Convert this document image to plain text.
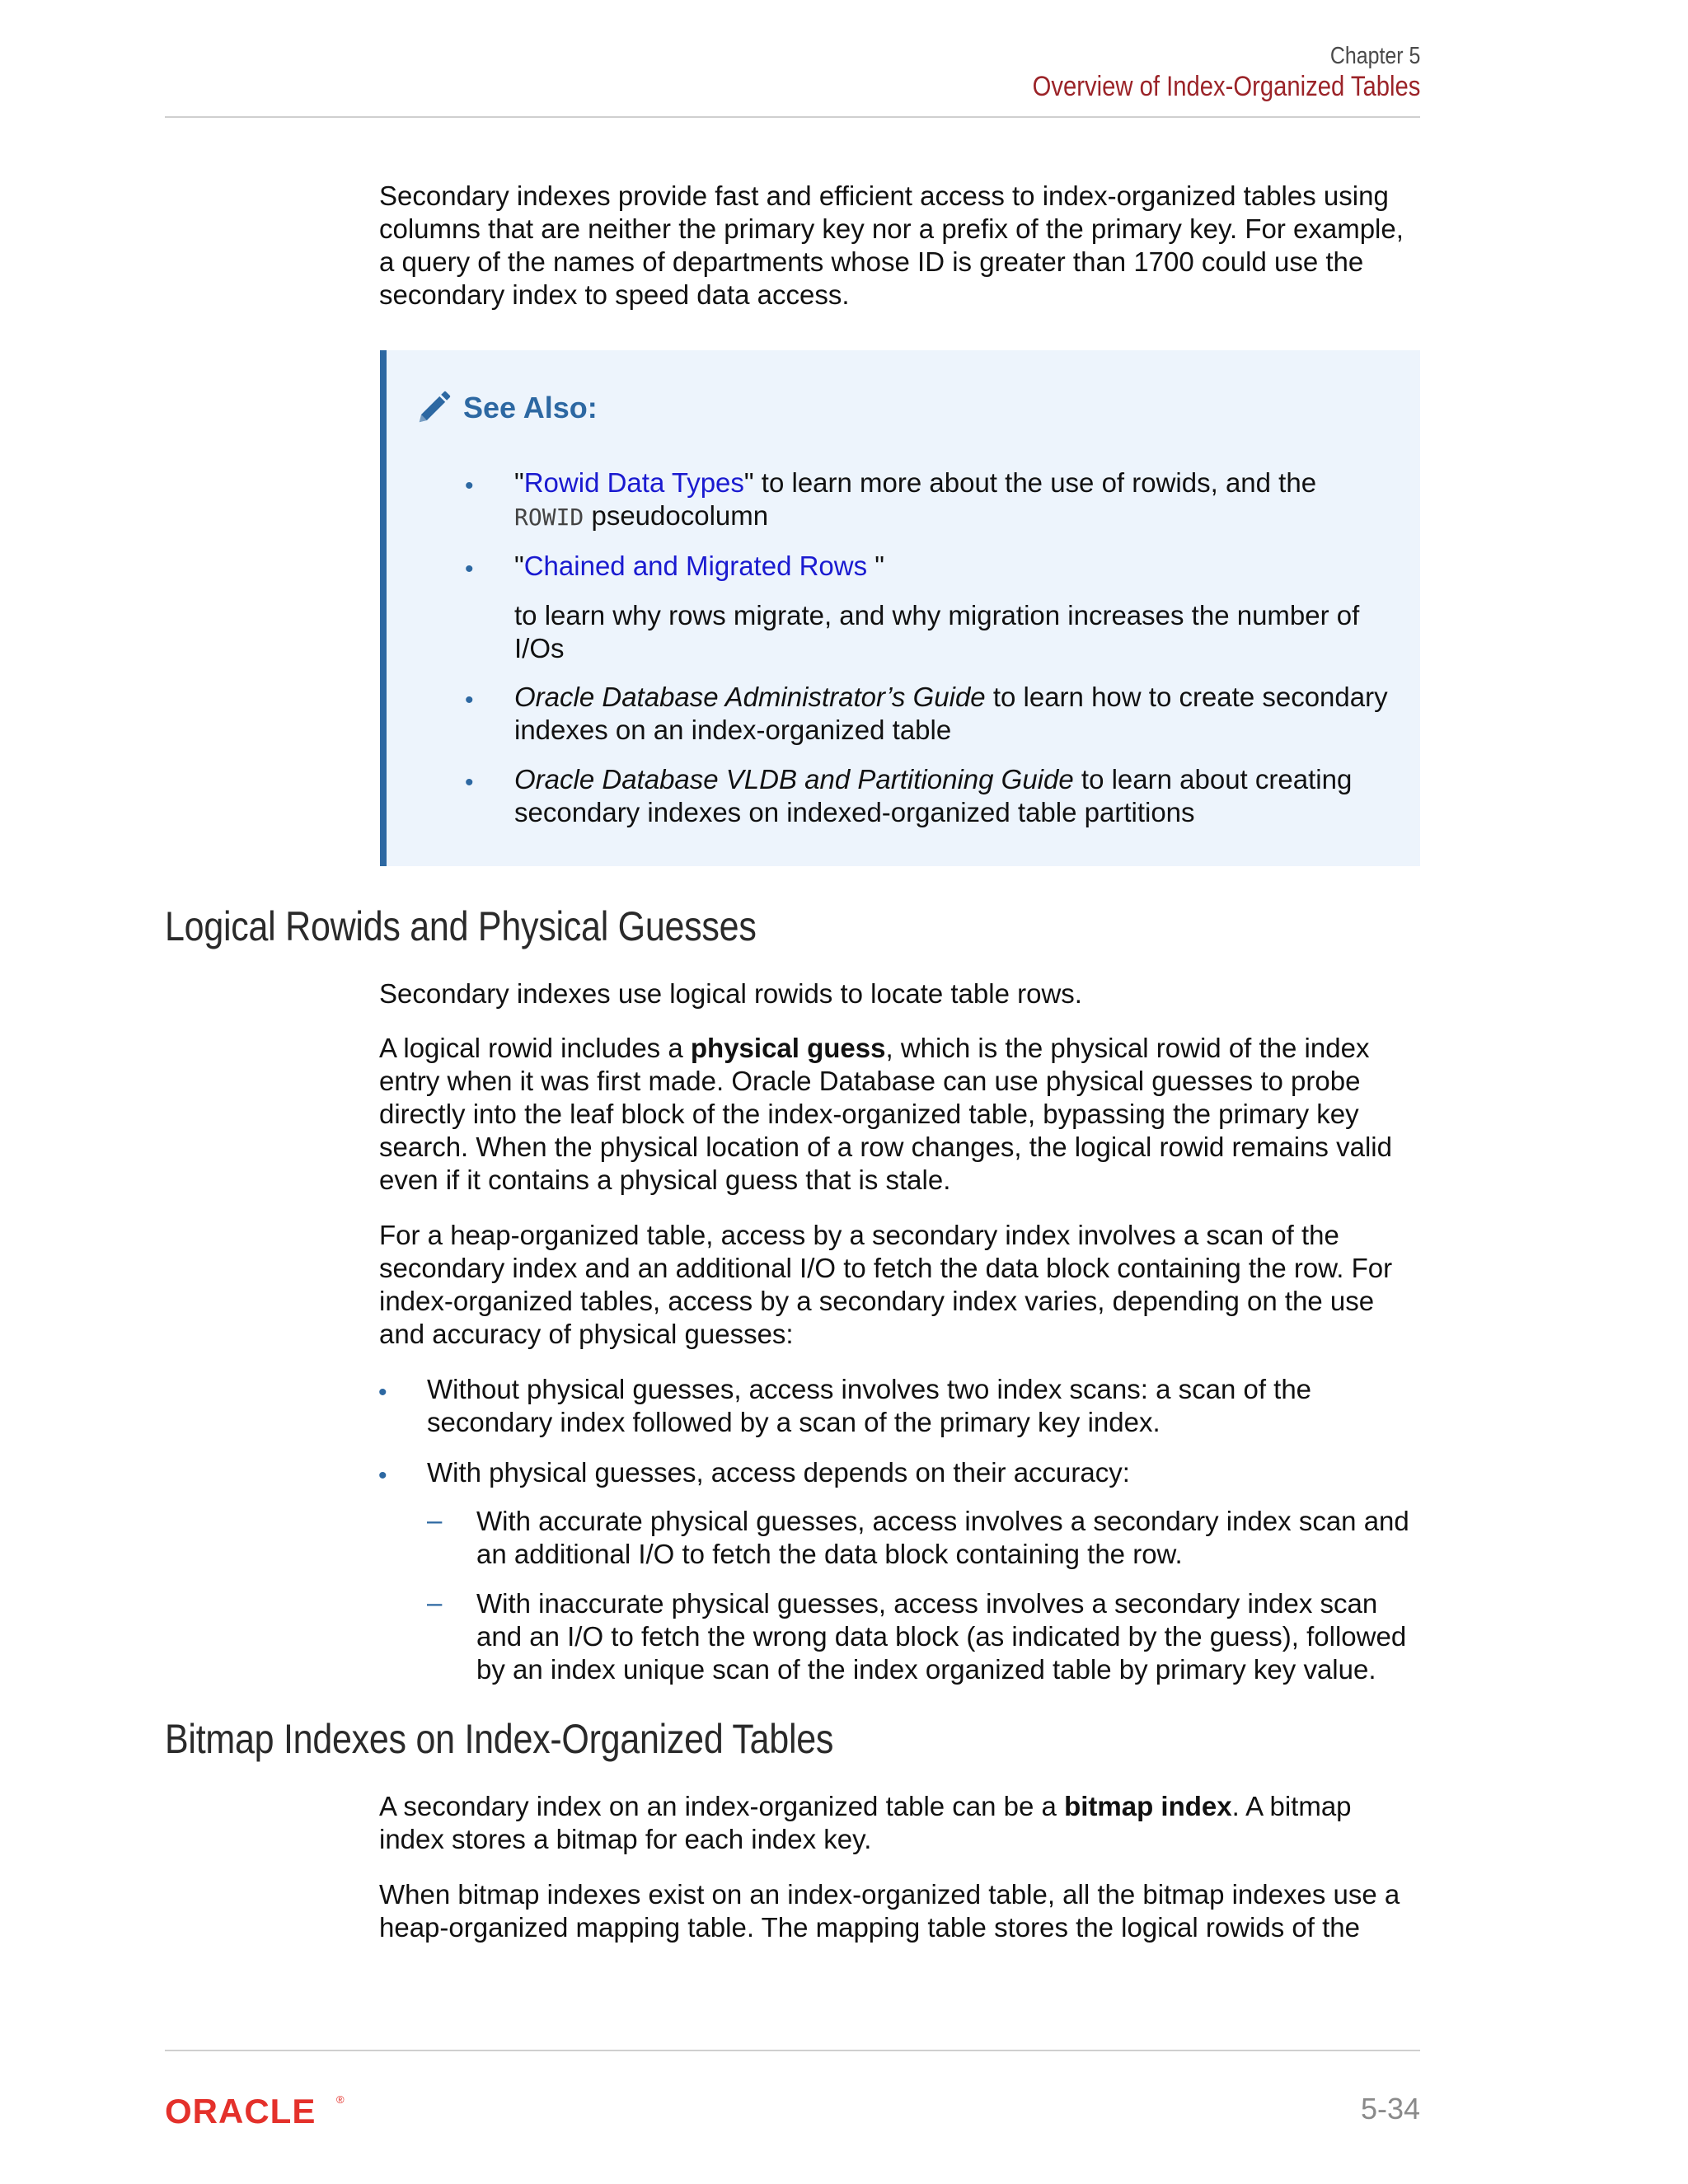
Chapter 5
Overview of Index-Organized Tables
Secondary indexes provide fast and efficient access to index-organized tables using
columns that are neither the primary key nor a prefix of the primary key. For example,
a query of the names of departments whose ID is greater than 1700 could use the
secondary index to speed data access.
See Also:
• "Rowid Data Types" to learn more about the use of rowids, and the
ROWID pseudocolumn
• "Chained and Migrated Rows "
to learn why rows migrate, and why migration increases the number of
I/Os
• Oracle Database Administrator’s Guide to learn how to create secondary
indexes on an index-organized table
• Oracle Database VLDB and Partitioning Guide to learn about creating
secondary indexes on indexed-organized table partitions
Logical Rowids and Physical Guesses
Secondary indexes use logical rowids to locate table rows.
A logical rowid includes a physical guess, which is the physical rowid of the index
entry when it was first made. Oracle Database can use physical guesses to probe
directly into the leaf block of the index-organized table, bypassing the primary key
search. When the physical location of a row changes, the logical rowid remains valid
even if it contains a physical guess that is stale.
For a heap-organized table, access by a secondary index involves a scan of the
secondary index and an additional I/O to fetch the data block containing the row. For
index-organized tables, access by a secondary index varies, depending on the use
and accuracy of physical guesses:
• Without physical guesses, access involves two index scans: a scan of the
secondary index followed by a scan of the primary key index.
• With physical guesses, access depends on their accuracy:
– With accurate physical guesses, access involves a secondary index scan and
an additional I/O to fetch the data block containing the row.
– With inaccurate physical guesses, access involves a secondary index scan
and an I/O to fetch the wrong data block (as indicated by the guess), followed
by an index unique scan of the index organized table by primary key value.
Bitmap Indexes on Index-Organized Tables
A secondary index on an index-organized table can be a bitmap index. A bitmap
index stores a bitmap for each index key.
When bitmap indexes exist on an index-organized table, all the bitmap indexes use a
heap-organized mapping table. The mapping table stores the logical rowids of the
ORACLE ®	5-34
